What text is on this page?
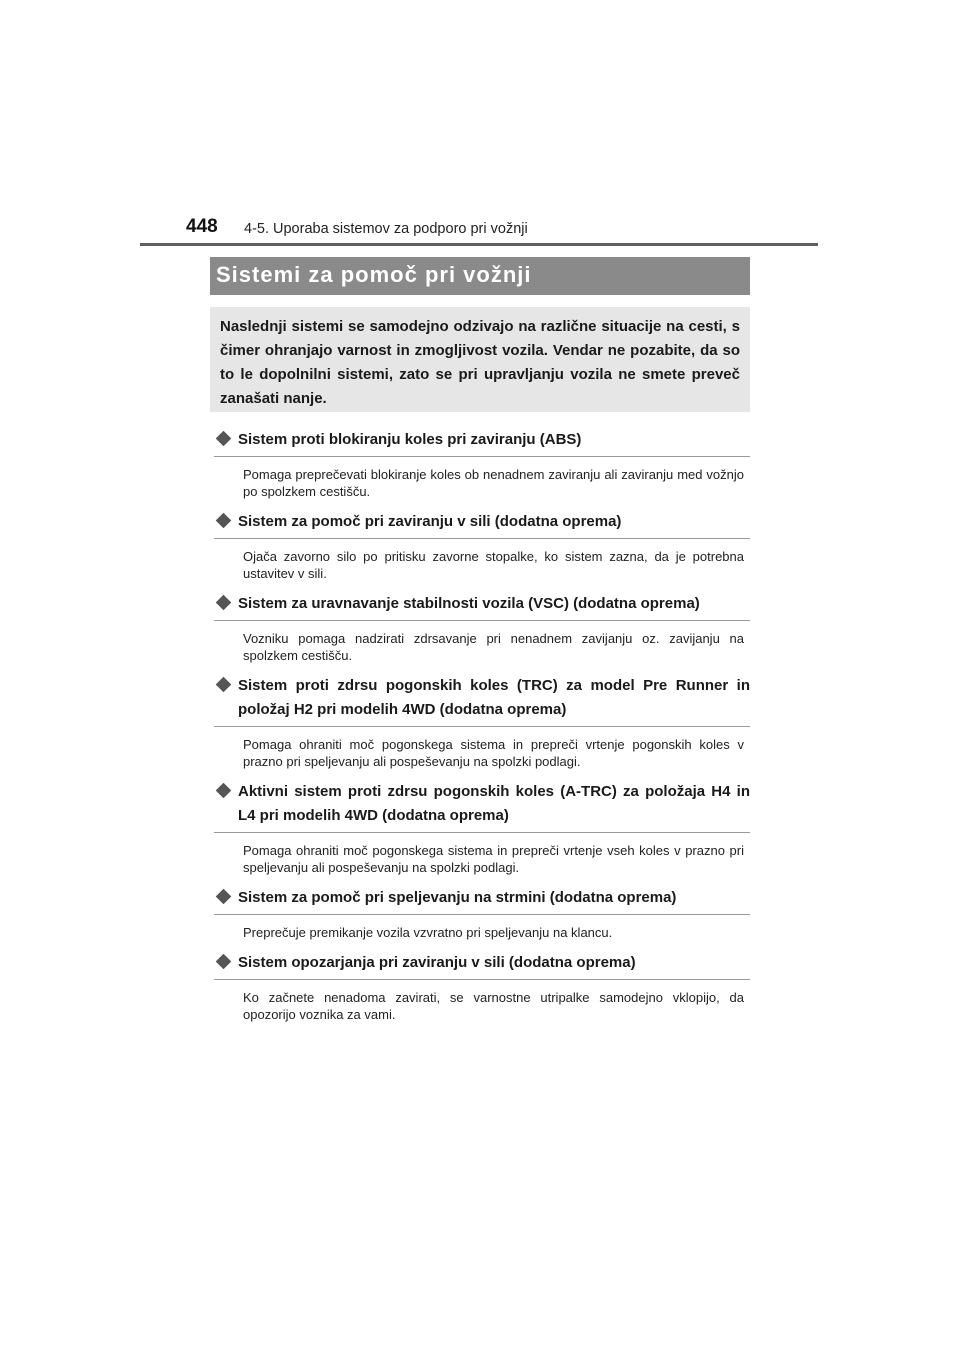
448 4-5. Uporaba sistemov za podporo pri vožnji
Sistemi za pomoč pri vožnji

Naslednji sistemi se samodejno odzivajo na različne situacije na cesti, s čimer ohranjajo varnost in zmogljivost vozila. Vendar ne pozabite, da so to le dopolnilni sistemi, zato se pri upravljanju vozila ne smete preveč zanašati nanje.

Sistem proti blokiranju koles pri zaviranju (ABS)

Pomaga preprečevati blokiranje koles ob nenadnem zaviranju ali zaviranju med vožnjo po spolzkem cestišču.

Sistem za pomoč pri zaviranju v sili (dodatna oprema)

Ojača zavorno silo po pritisku zavorne stopalke, ko sistem zazna, da je potrebna ustavitev v sili.

Sistem za uravnavanje stabilnosti vozila (VSC) (dodatna oprema)

Vozniku pomaga nadzirati zdrsavanje pri nenadnem zavijanju oz. zavijanju na spolzkem cestišču.

Sistem proti zdrsu pogonskih koles (TRC) za model Pre Runner in položaj H2 pri modelih 4WD (dodatna oprema)

Pomaga ohraniti moč pogonskega sistema in prepreči vrtenje pogonskih koles v prazno pri speljevanju ali pospeševanju na spolzki podlagi.

Aktivni sistem proti zdrsu pogonskih koles (A-TRC) za položaja H4 in L4 pri modelih 4WD (dodatna oprema)

Pomaga ohraniti moč pogonskega sistema in prepreči vrtenje vseh koles v prazno pri speljevanju ali pospeševanju na spolzki podlagi.

Sistem za pomoč pri speljevanju na strmini (dodatna oprema)

Preprečuje premikanje vozila vzvratno pri speljevanju na klancu.

Sistem opozarjanja pri zaviranju v sili (dodatna oprema)

Ko začnete nenadoma zavirati, se varnostne utripalke samodejno vklopijo, da opozorijo voznika za vami.
